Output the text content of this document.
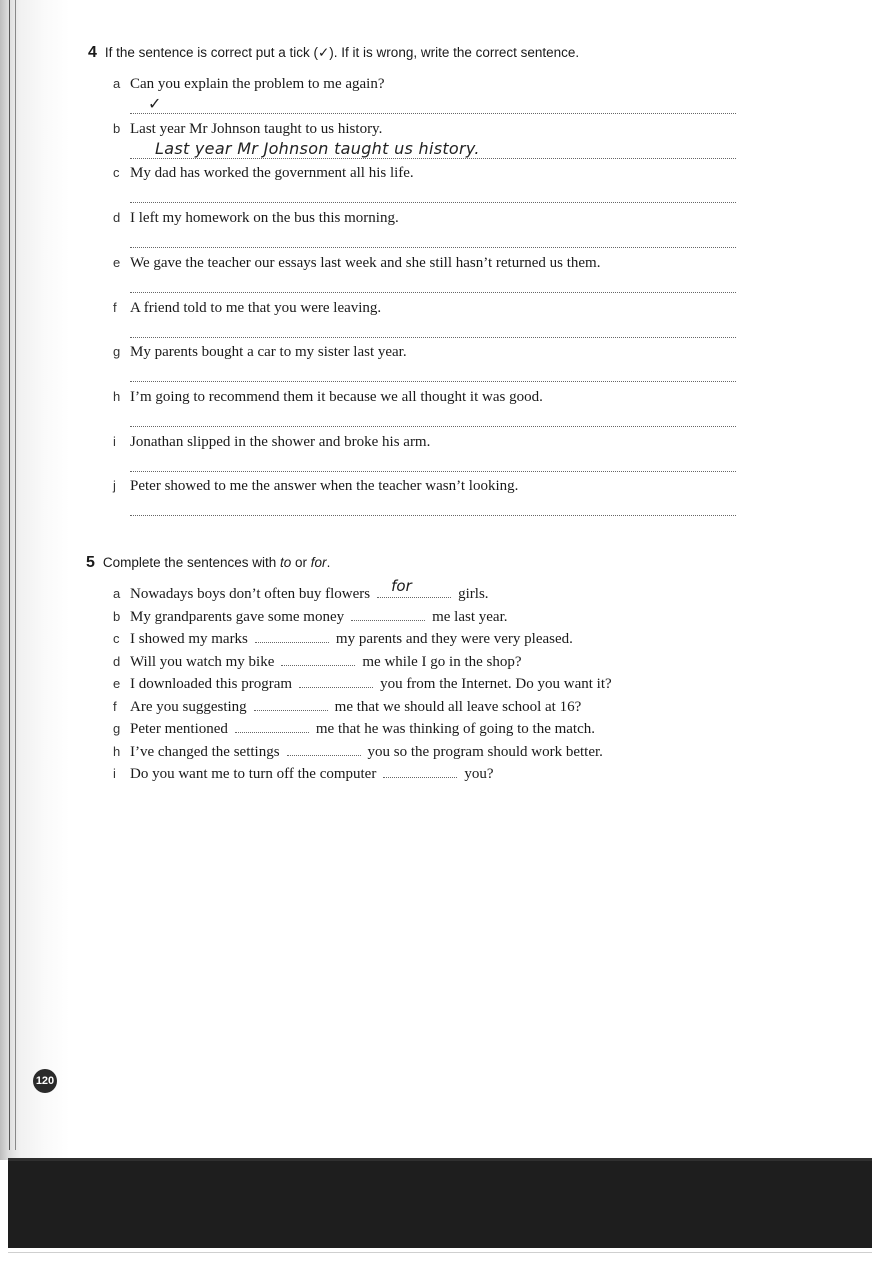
4 If the sentence is correct put a tick (✓). If it is wrong, write the correct sentence.
a Can you explain the problem to me again?
✓
b Last year Mr Johnson taught to us history.
Last year Mr Johnson taught us history.
c My dad has worked the government all his life.
d I left my homework on the bus this morning.
e We gave the teacher our essays last week and she still hasn’t returned us them.
f A friend told to me that you were leaving.
g My parents bought a car to my sister last year.
h I’m going to recommend them it because we all thought it was good.
i Jonathan slipped in the shower and broke his arm.
j Peter showed to me the answer when the teacher wasn’t looking.
5 Complete the sentences with to or for.
a Nowadays boys don’t often buy flowers for	girls.
b My grandparents gave some money	me last year.
c I showed my marks	my parents and they were very pleased.
d Will you watch my bike	me while I go in the shop?
e I downloaded this program	you from the Internet. Do you want it?
f Are you suggesting	me that we should all leave school at 16?
g Peter mentioned	me that he was thinking of going to the match.
h I’ve changed the settings	you so the program should work better.
i Do you want me to turn off the computer	you?
120
